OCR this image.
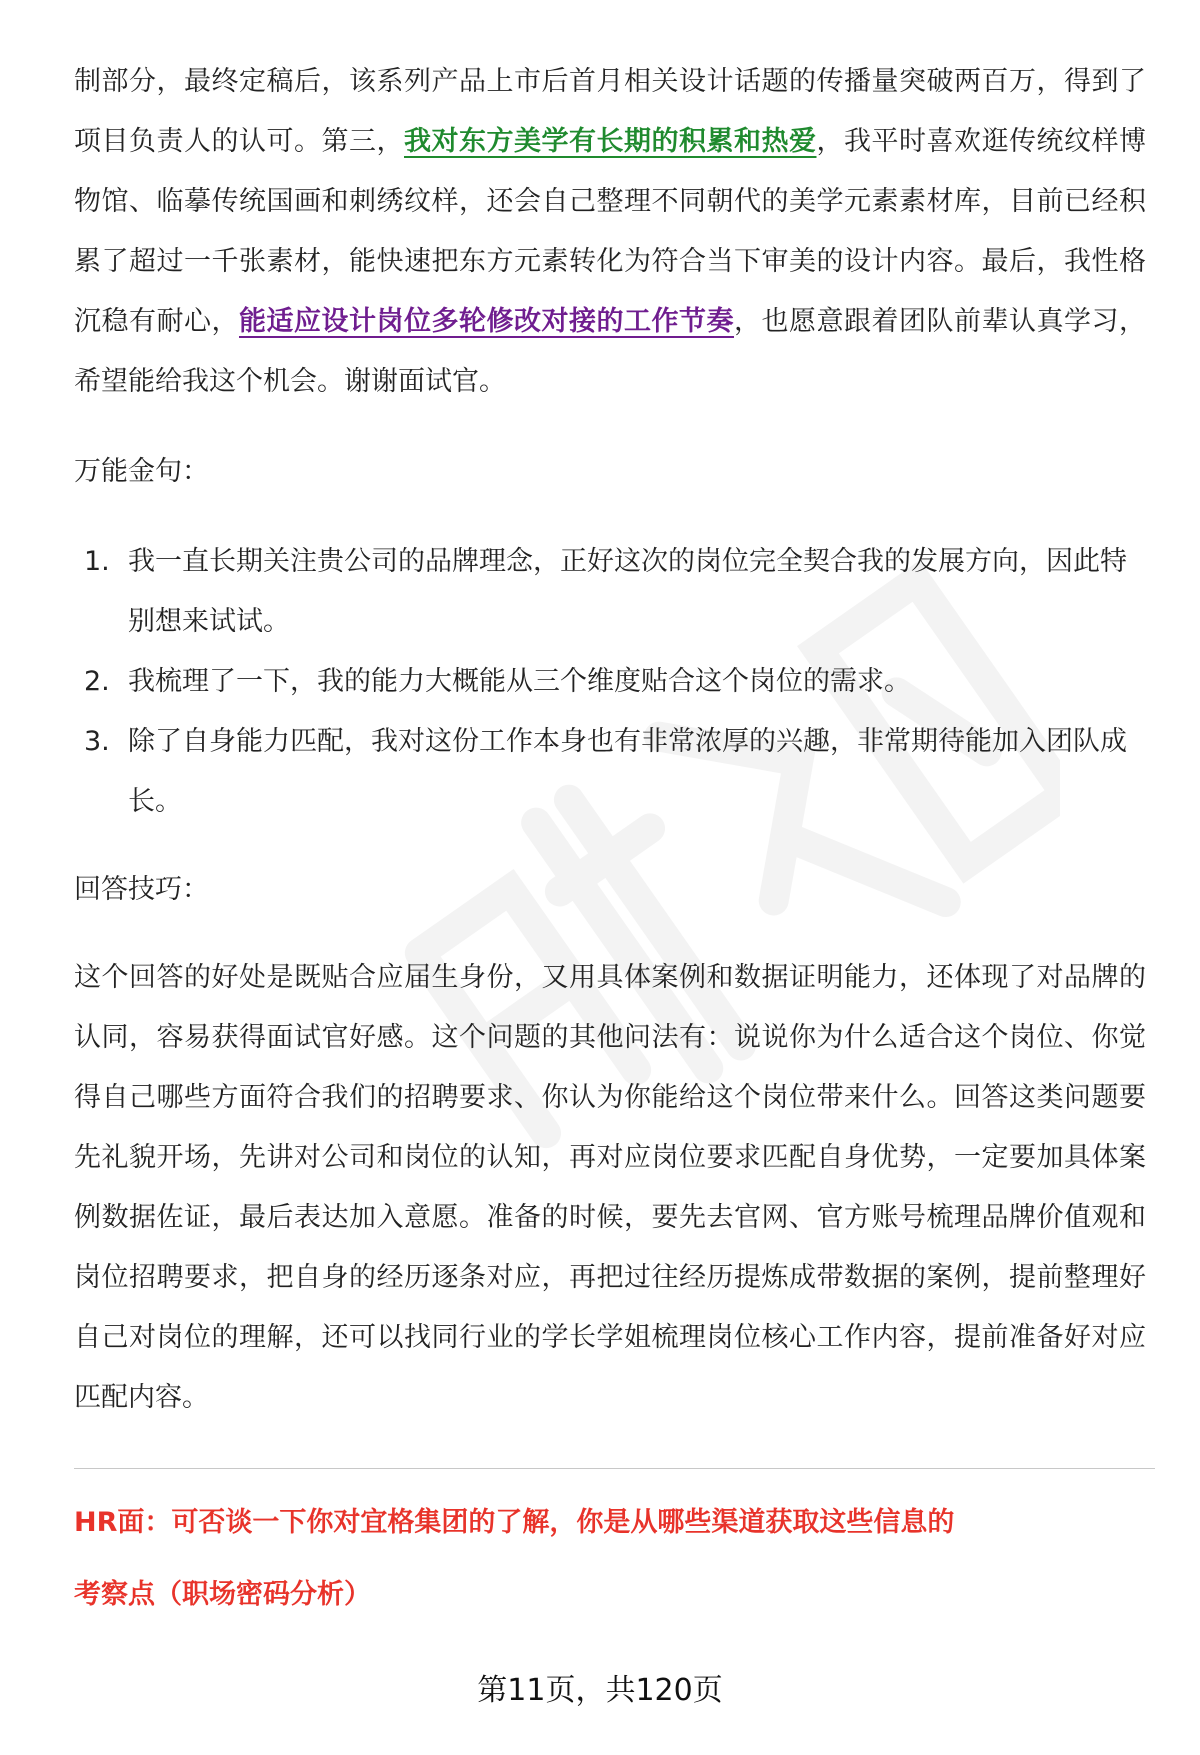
制部分，最终定稿后，该系列产品上市后首月相关设计话题的传播量突破两百万，得到了项目负责人的认可。第三，我对东方美学有长期的积累和热爱，我平时喜欢逛传统纹样博物馆、临摹传统国画和刺绣纹样，还会自己整理不同朝代的美学元素素材库，目前已经积累了超过一千张素材，能快速把东方元素转化为符合当下审美的设计内容。最后，我性格沉稳有耐心，能适应设计岗位多轮修改对接的工作节奏，也愿意跟着团队前辈认真学习，希望能给我这个机会。谢谢面试官。

万能金句：

1. 我一直长期关注贵公司的品牌理念，正好这次的岗位完全契合我的发展方向，因此特别想来试试。
2. 我梳理了一下，我的能力大概能从三个维度贴合这个岗位的需求。
3. 除了自身能力匹配，我对这份工作本身也有非常浓厚的兴趣，非常期待能加入团队成长。

回答技巧：

这个回答的好处是既贴合应届生身份，又用具体案例和数据证明能力，还体现了对品牌的认同，容易获得面试官好感。这个问题的其他问法有：说说你为什么适合这个岗位、你觉得自己哪些方面符合我们的招聘要求、你认为你能给这个岗位带来什么。回答这类问题要先礼貌开场，先讲对公司和岗位的认知，再对应岗位要求匹配自身优势，一定要加具体案例数据佐证，最后表达加入意愿。准备的时候，要先去官网、官方账号梳理品牌价值观和岗位招聘要求，把自身的经历逐条对应，再把过往经历提炼成带数据的案例，提前整理好自己对岗位的理解，还可以找同行业的学长学姐梳理岗位核心工作内容，提前准备好对应匹配内容。

HR面：可否谈一下你对宜格集团的了解，你是从哪些渠道获取这些信息的
考察点（职场密码分析）
第11页，共120页
